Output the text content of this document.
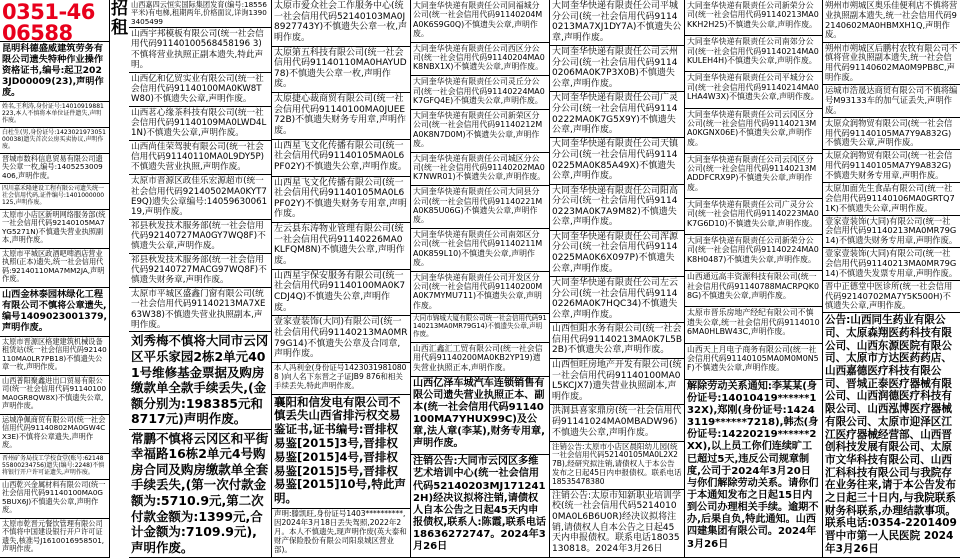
0351-4606588
昆明科德盛威建筑劳务有限公司遗失特种作业操作资格证书,编号:起卫2023JD00009(23),声明作废。
姓名,王利涛,身份证号:14010919881223,本人不慎将本单位证件遗失,声明作废。
白杜生(男,身份证号:142302197305100038)遗失首次公房买卖协议,声明作废。
晋城市数科信息贸易有限公司遗失公章一枚,编号:1405253009406,声明作废。
四川嘉禾隆建设工程有限公司遗失统一社会信用代码,证件编号:1401000000125,声明作废。
太原市小店区新明网络服务部(统一社会信用代码92140105MA7YG5271N)不慎遗失营业执照副本,声明作废。
太原市平城区政酒吧啤酒店营业执照(正本)遗失,统一社会信用代码:92140110MA7MM2JA,声明作废。
山西金林泰园林绿化工程有限公司不慎将公章遗失,编号1409023001379,声明作废。
太原市晋源区格建建筑机械设备租赁站(统一社会信用代码92140110MA0LR7PB18)不慎遗失公章一枚,声明作废。
山西普阳聚鑫进出口贸易有限公司(统一社会信用代码91140100MA0GR8QW8X)不慎遗失公章,声明作废。
运城净佩商贸有限公司(统一社会信用代码91140802MA0GW4CX3E)不慎将公章遗失,声明作废。
晋州矿务局技工学校食堂(账号:6214855800234756)遗失(编号:2248)不慎将银行开户许可证遗失,声明作废。
山西乾兴金属材料有限公司(统一社会信用代码91140100MA0G5BUX6J)不慎遗失公章,声明作废。
太原市乾晋元餐饮管理有限公司不慎将中国建设银行开户许可证遗失,核准号J1610016958501,声明作废。
招租
山西嘉四云恒实国际集团发育(编号:18556平米)有电梯,租期两年,价格面议,详询13903405499
山西宇邦模板有限公司(统一社会信用代码91140100568458196 3)不慎将营业执照正副本遗失,特此声明。
山西亿和亿贸实业有限公司(统一社会信用代码91140100MA0KW8TW80)不慎遗失公章,声明作废。
山西茗心缘茶科技有限公司(统一社会信用代码91140109MA0LWD4L1N)不慎遗失公章,声明作废。
山西尚佳荣驾驶有限公司(统一社会信用代码91140110MA0L9DY5P)不慎遗失营业执照,声明作废。
太原市晋源区政佳乐宏源超市(统一社会信用代码92140502MA0KYT7E9Q)遗失公章编号:1405963006119,声明作废。
祁县秋发技术服务部(统一社会信用代码92140727MA0GY7WQ8F)不慎遗失公章,声明作废。
祁县秋发技术服务部(统一社会信用代码92140727MACG97WQ8F)不慎遗失财务章,声明作废。
太原市平城区盛鑫门窗有限公司(统一社会信用代码91140213MA7XE63W38)不慎遗失营业执照副本,声明作废。
刘秀梅不慎将大同市云冈区平乐家园2栋2单元401号维修基金票据及购房缴款单全款手续丢失,(金额分别为:198385元和8717元)声明作废。
常鹏不慎将云冈区和平街幸福路16栋2单元4号购房合同及购房缴款单全套手续丢失,(第一次付款金额为:5710.9元,第二次付款金额为:1399元,合计金额为:7109.9元),声明作废。
太原市爱众社会工作服务中心(统一社会信用代码52140103MA0J8927743Y)不慎遗失公章一枚,声明作废。
太原第五科技有限公司(统一社会信用代码91140110MA0HAYUD78)不慎遗失公章一枚,声明作废。
太原捷心裁商贸有限公司(统一社会信用代码91140100MA0JUEE72B)不慎遗失财务专用章,声明作废。
山西星飞文化传播有限公司(统一社会信用代码91140105MA0L6PF02Y)不慎遗失公章,声明作废。
山西星飞文化传播有限公司(统一社会信用代码91140105MA0L6PF02Y)不慎遗失财务专用章,声明作废。
左云县东涛物业管理有限公司(统一社会信用代码91140226MA0KLFQM8N)不慎遗失公章,声明作废。
山西星宇保安服务有限公司(统一社会信用代码91140100MA0K7CDJ4Q)不慎遗失公章,声明作废。
壹家壹装饰(大同)有限公司(统一社会信用代码91140213MA0MR79G14)不慎遗失公章及合同章,声明作废。
本人冯利金(身份证号14230319810808 )向人名下东晋之子证JB9 876和相关手续丢失,特此声明作废。
襄阳和信发电有限公司不慎丢失山西省排污权交易鉴证书,证书编号:晋排权易鉴[2015]3号,晋排权易鉴[2015]4号,晋排权易鉴[2015]5号,晋排权易鉴[2015]10号,特此声明。
声明:滕凯旺,身份证号1403**********,因2024年3月18日丢失驾照,2022年2月。本人不慎遗失,现声明作废(英大泰和财产保险股份有限公司阳泉城区营业部)。
大同奎华快递有限责任公司同福城分公司(统一社会信用代码91140204MA0K6S9G0Q)不慎遗失公章,声明作废。
大同奎华快递有限责任公司西区分公司(统一社会信用代码91140204MA0K8NBX1X)不慎遗失公章,声明作废。
大同奎华快递有限责任公司灵丘分公司(统一社会信用代码91140224MA0K7GFQ4E)不慎遗失公章,声明作废。
大同奎华快递有限责任公司新荣区分公司(统一社会信用代码91140212MA0K8N7D0M)不慎遗失公章,声明作废。
大同奎华快递有限责任公司城区分公司(统一社会信用代码91140202MA0K7NWR01)不慎遗失公章,声明作废。
大同奎华快递有限责任公司大同县分公司(统一社会信用代码91140221MA0K85U06G)不慎遗失公章,声明作废。
大同奎华快递有限责任公司南郊区分公司(统一社会信用代码91140211MA0K859L10)不慎遗失公章,声明作废。
大同奎华快递有限责任公司开发区分公司(统一社会信用代码91140200MA0K7MYMU711)不慎遗失公章,声明作废。
大同市锦城大厦有限公司统一社会信用代码91140213MA0MR79G14)不慎遗失公章,声明作废。
山西汇鑫汇工贸有限公司(统一社会信用代码91140200MA0KB2YP19)遗失营业执照正本,声明作废。
山西亿泽车城汽车连锁销售有限公司遗失营业执照正本、副本(统一社会信用代码91140100MA7YHUX99C)及公章,法人章(李某),财务专用章,声明作废。
注销公告:大同市云冈区多维艺术培训中心(统一社会信用代码52140203MJ1712412H)经决议拟将注销,请债权人自本公告之日起45天内申报债权,联系人:陈霞,联系电话18636272747。2024年3月26日
大同奎华快递有限责任公司平城分公司(统一社会信用代码91140213MA7XJ1DY7A)不慎遗失公章,声明作废。
大同奎华快递有限责任公司云州分公司(统一社会信用代码91140206MA0K7P3X0B)不慎遗失公章,声明作废。
大同奎华快递有限责任公司广灵分公司(统一社会信用代码91140222MA0K7G5X9Y)不慎遗失公章,声明作废。
大同奎华快递有限责任公司天镇分公司(统一社会信用代码91140225MA0K85A49X)不慎遗失公章,声明作废。
大同奎华快递有限责任公司阳高分公司(统一社会信用代码91140223MA0K7A9M82)不慎遗失公章,声明作废。
大同奎华快递有限责任公司浑源分公司(统一社会信用代码91140225MA0K6X097P)不慎遗失公章,声明作废。
大同奎华快递有限责任公司左云分公司(统一社会信用代码91140226MA0K7HQC34)不慎遗失公章,声明作废。
山西恒阳水务有限公司(统一社会信用代码91140213MA0K7L5B2B)不慎遗失公章,声明作废。
山西恒旺房地产开发有限公司(统一社会信用代码91140100MA0L5KCJX7)遗失营业执照副本,声明作废。
洪洞县喜家鼎房(统一社会信用代码91141024MA0MBADW96)不慎遗失公章,声明作废。
注销公告:太原市小店区晨阳幼儿园(统一社会信用代码52140105MA0L2X27B),经研究拟注销,请债权人于本公告发布之日起45日内申报债权。联系电话18535478380
注销公告:太原市知新职业培训学校(统一社会信用代码52140100MA0L6B6U0R)经决议拟将注销,请债权人自本公告之日起45天内申报债权。联系电话18035130818。2024年3月26日
大同奎华快递有限责任公司新荣分公司(统一社会信用代码91140213MA0KKH2H25)不慎遗失公章,声明作废。
大同奎华快递有限责任公司南郊分公司(统一社会信用代码91140214MA0KULEH4H)不慎遗失公章,声明作废。
大同奎华快递有限责任公司平城分公司(统一社会信用代码91140214MA0LHA4W3X)不慎遗失公章,声明作废。
大同奎华快递有限责任公司云冈区分公司(统一社会信用代码91140213MA0KGNX06E)不慎遗失公章,声明作废。
大同奎华快递有限责任公司云冈区分公司(统一社会信用代码91140213MADDFCRX9P)不慎遗失公章,声明作废。
大同奎华快递有限责任公司广灵分公司(统一社会信用代码91140223MA0K7G6D10)不慎遗失公章,声明作废。
大同奎华快递有限责任公司新荣分公司(统一社会信用代码91140224MA0K8H0487)不慎遗失公章,声明作废。
山西通远高丰资源科技有限公司(统一社会信用代码91140788MACRPQK08G)不慎遗失公章,声明作废。
太原市晋乐房地产经纪有限公司不慎遗失公章,统一社会信用代码91140106MA0HLBW43C,声明作废。
山西天上月电子商务有限公司(统一社会信用代码91140105MA0M0M0N5F)不慎遗失公章,声明作废。
解除劳动关系通知:李某某(身份证号:14010419******132X),郑刚(身份证号:14243119******7218),韩杰(身份证号:14220219******2XX),以上员工你们连续旷工已超过5天,违反公司规章制度,公司于2024年3月20日与你们解除劳动关系。请你们于本通知发布之日起15日内到公司办理相关手续。逾期不办,后果自负,特此通知。山西四建集团有限公司。2024年3月26日
朔州市朔城区奥乐佳便利店不慎将营业执照副本遗失,统一社会信用代码92140602MA0HBMXH1Q,声明作废。
朔州市朔城区后鹏村农牧有限公司不慎将营业执照副本遗失,统一社会信用代码91140602MA0M9PB8C,声明作废。
运城市浩晟达商贸有限公司不慎将编号M93133车的加气证丢失,声明作废。
太原众润物贸有限公司(统一社会信用代码91140105MA7Y9A832G)不慎遗失公章,声明作废。
太原众润物贸有限公司(统一社会信用代码91140105MA7Y9A832G)不慎遗失财务专用章,声明作废。
太原加面先生食品有限公司(统一社会信用代码91140106MA0GRTQ71K)不慎遗失公章,声明作废。
壹家壹装饰(大同)有限公司(统一社会信用代码91140213MA0MR79G14)不慎遗失财务专用章,声明作废。
壹家壹装饰(大同)有限公司(统一社会信用代码91140213MA0MR79G14)不慎遗失发票专用章,声明作废。
晋中正德堂中医诊所(统一社会信用代码92140702MA7Y5K500H)不慎遗失公章,声明作废。
公告:山西同生药业有限公司、太原森翔医药科技有限公司、山西东源医院有限公司、太原市方达医药药店、山西嘉德医疗科技有限公司、晋城正泰医疗器械有限公司、山西润德医疗科技有限公司、山西泓博医疗器械有限公司、太原市迎泽区江江医疗器械经营部、山西晋创科技发展有限公司、太原市文华科技有限公司、山西汇科科技有限公司与我院存在业务往来,请于本公告发布之日起三十日内,与我院联系财务科联系,办理结款事项。联系电话:0354-2201409 晋中市第一人民医院 2024年3月26日
